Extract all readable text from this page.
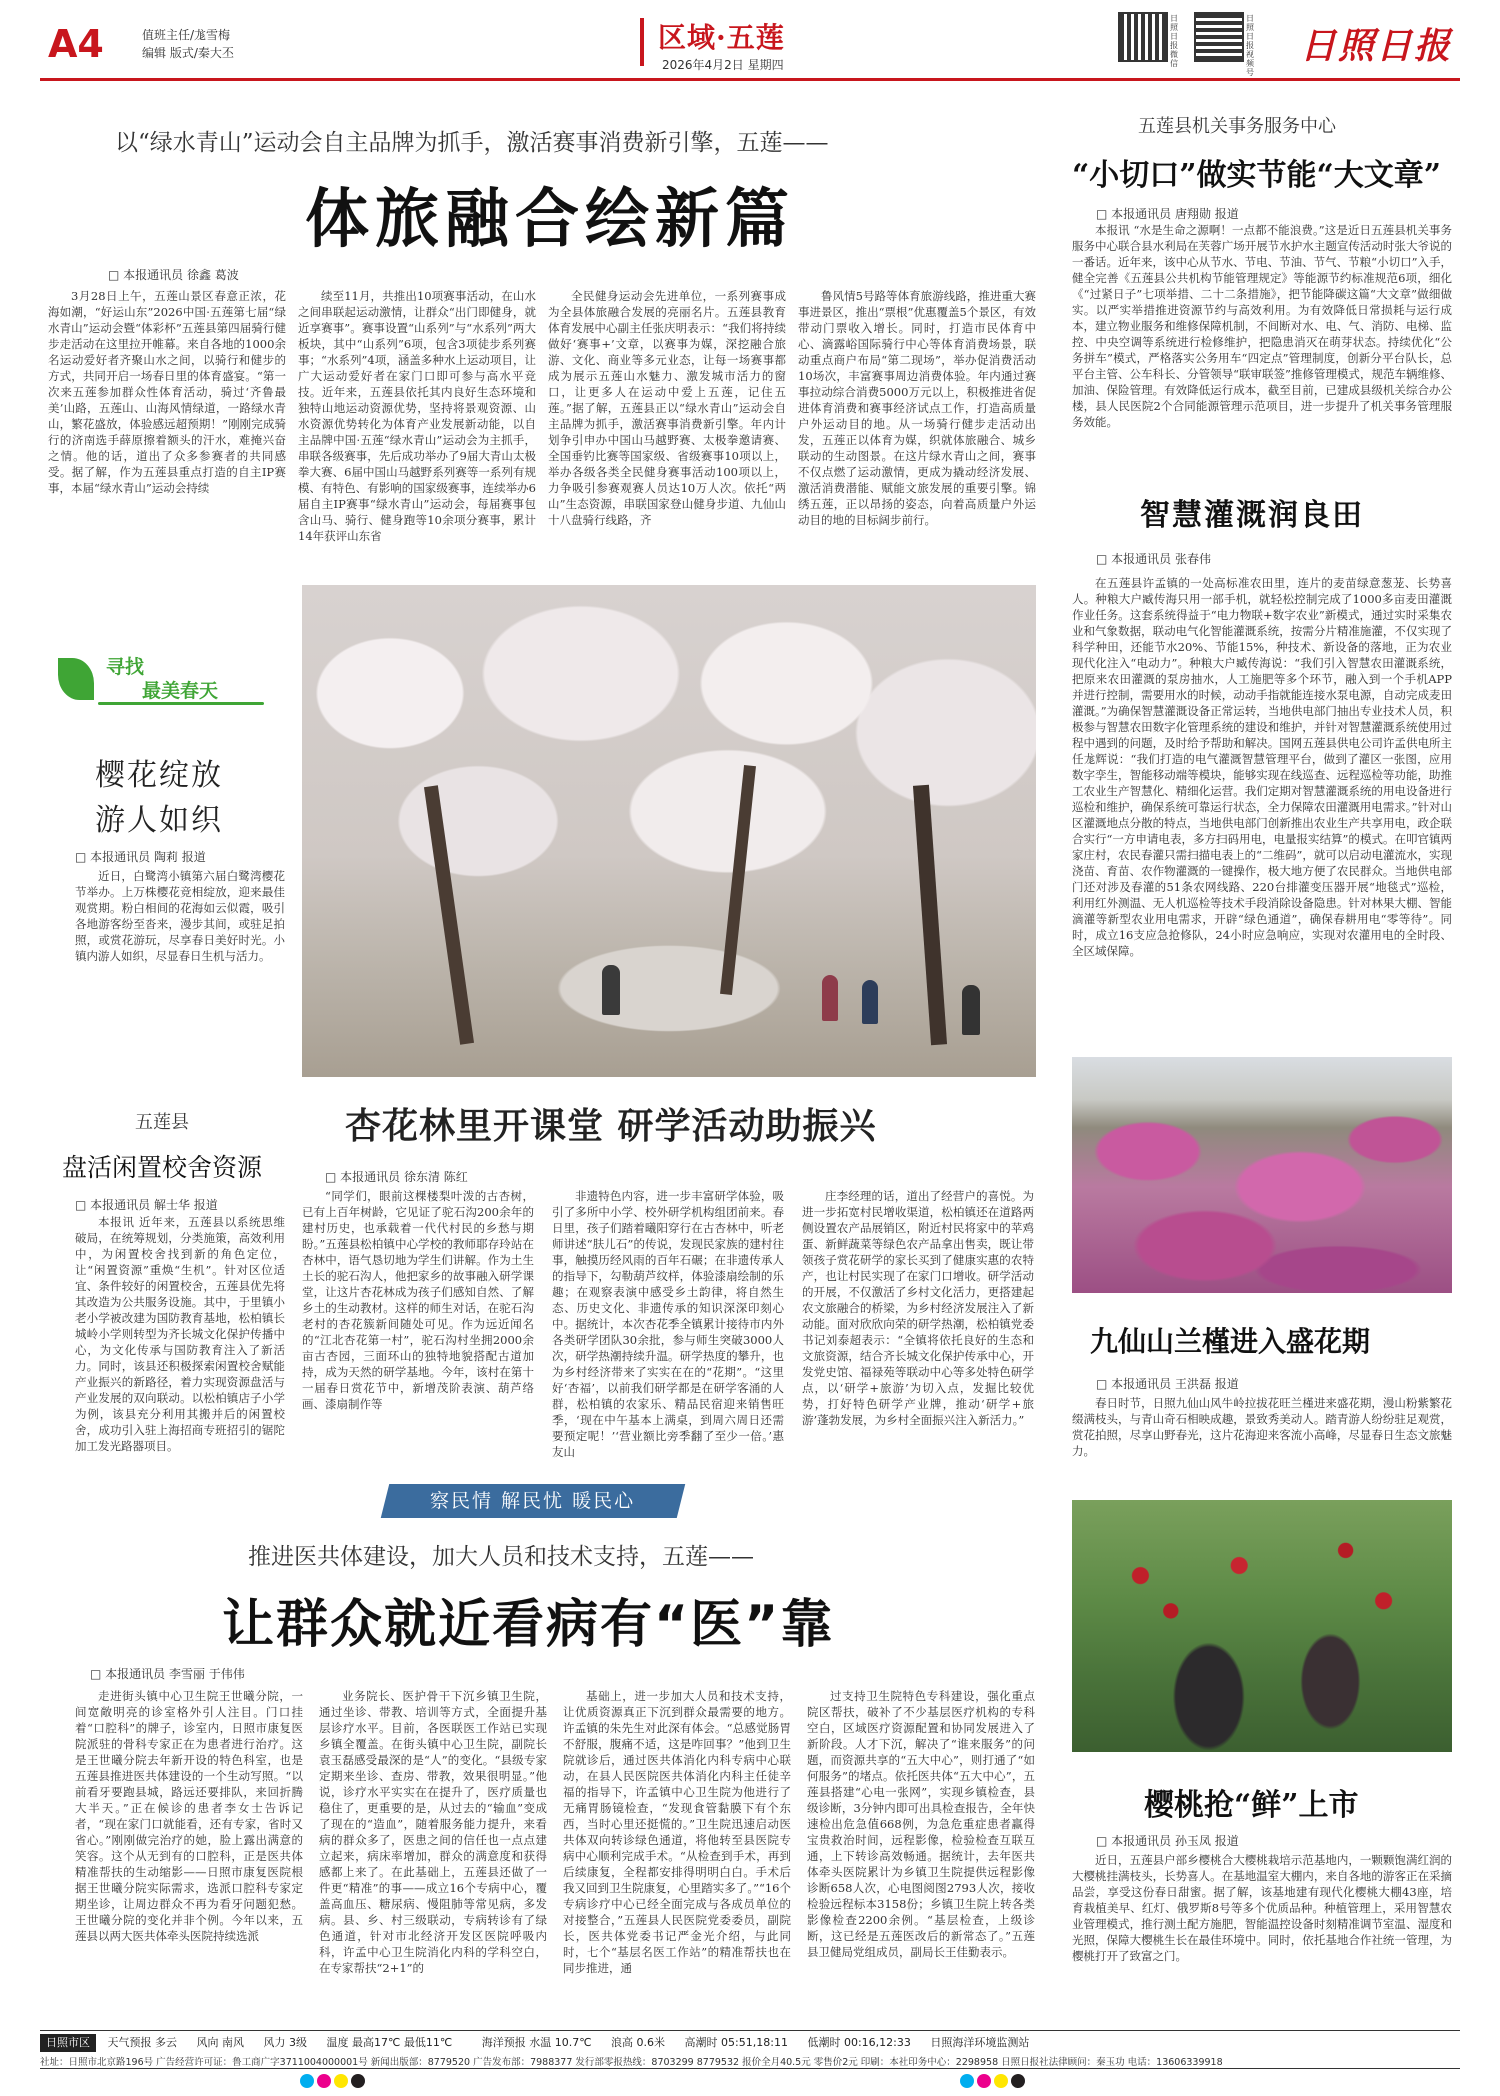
A4	值班主任/尨雪梅
编辑 版式/秦大丕	区域·五莲
2026年4月2日 星期四
日照日报微信
日照日报视频号
日照日报
以“绿水青山”运动会自主品牌为抓手，激活赛事消费新引擎，五莲——
体旅融合绘新篇
□ 本报通讯员 徐鑫 葛波
3月28日上午，五莲山景区春意正浓，花海如潮，“好运山东”2026中国·五莲第七届“绿水青山”运动会暨“体彩杯”五莲县第四届骑行健步走活动在这里拉开帷幕。来自各地的1000余名运动爱好者齐聚山水之间，以骑行和健步的方式，共同开启一场春日里的体育盛宴。“第一次来五莲参加群众性体育活动，骑过‘齐鲁最美’山路，五莲山、山海风情绿道，一路绿水青山，繁花盛放，体验感远超预期！”刚刚完成骑行的济南选手薛原擦着额头的汗水，难掩兴奋之情。他的话，道出了众多参赛者的共同感受。据了解，作为五莲县重点打造的自主IP赛事，本届“绿水青山”运动会持续
续至11月，共推出10项赛事活动，在山水之间串联起运动激情，让群众“出门即健身，就近享赛事”。赛事设置“山系列”与“水系列”两大板块，其中“山系列”6项，包含3项徒步系列赛事；“水系列”4项，涵盖多种水上运动项目，让广大运动爱好者在家门口即可参与高水平竞技。近年来，五莲县依托其内良好生态环境和独特山地运动资源优势，坚持将景观资源、山水资源优势转化为体育产业发展新动能，以自主品牌中国·五莲“绿水青山”运动会为主抓手，串联各级赛事，先后成功举办了9届大青山太极拳大赛、6届中国山马越野系列赛等一系列有规模、有特色、有影响的国家级赛事，连续举办6届自主IP赛事“绿水青山”运动会，每届赛事包含山马、骑行、健身跑等10余项分赛事，累计14年获评山东省
全民健身运动会先进单位，一系列赛事成为全县体旅融合发展的亮丽名片。五莲县教育体育发展中心副主任张庆明表示：“我们将持续做好‘赛事+’文章，以赛事为媒，深挖融合旅游、文化、商业等多元业态，让每一场赛事都成为展示五莲山水魅力、激发城市活力的窗口，让更多人在运动中爱上五莲，记住五莲。”据了解，五莲县正以“绿水青山”运动会自主品牌为抓手，激活赛事消费新引擎。年内计划争引申办中国山马越野赛、太极拳邀请赛、全国垂钓比赛等国家级、省级赛事10项以上，举办各级各类全民健身赛事活动100项以上，力争吸引参赛观赛人员达10万人次。依托“两山”生态资源，串联国家登山健身步道、九仙山十八盘骑行线路，齐
鲁风情5号路等体育旅游线路，推进重大赛事进景区，推出“票根”优惠覆盖5个景区，有效带动门票收入增长。同时，打造市民体育中心、滴露峪国际骑行中心等体育消费场景，联动重点商户布局“第二现场”，举办促消费活动10场次，丰富赛事周边消费体验。年内通过赛事拉动综合消费5000万元以上，积极推进省促进体育消费和赛事经济试点工作，打造高质量户外运动目的地。从一场骑行健步走活动出发，五莲正以体育为媒，织就体旅融合、城乡联动的生动图景。在这片绿水青山之间，赛事不仅点燃了运动激情，更成为撬动经济发展、激活消费潜能、赋能文旅发展的重要引擎。锦绣五莲，正以昂扬的姿态，向着高质量户外运动目的地的目标阔步前行。
寻找
最美春天
樱花绽放
游人如织
□ 本报通讯员 陶莉 报道
近日，白鹭湾小镇第六届白鹭湾樱花节举办。上万株樱花竞相绽放，迎来最佳观赏期。粉白相间的花海如云似霞，吸引各地游客纷至沓来，漫步其间，或驻足拍照，或赏花游玩，尽享春日美好时光。小镇内游人如织，尽显春日生机与活力。
五莲县机关事务服务中心
“小切口”做实节能“大文章”
□ 本报通讯员 唐翔勋 报道
本报讯 “水是生命之源啊！一点都不能浪费。”这是近日五莲县机关事务服务中心联合县水利局在芙蓉广场开展节水护水主题宣传活动时张大爷说的一番话。近年来，该中心从节水、节电、节油、节气、节粮“小切口”入手，健全完善《五莲县公共机构节能管理规定》等能源节约标准规范6项，细化《“过紧日子”七项举措、二十二条措施》，把节能降碳这篇“大文章”做细做实。以严实举措推进资源节约与高效利用。为有效降低日常损耗与运行成本，建立物业服务和维修保障机制，不间断对水、电、气、消防、电梯、监控、中央空调等系统进行检修维护，把隐患消灭在萌芽状态。持续优化“公务拼车”模式，严格落实公务用车“四定点”管理制度，创新分平台队长，总平台主管、公车科长、分管领导“联审联签”推修管理模式，规范车辆维修、加油、保险管理。有效降低运行成本，截至目前，已建成县级机关综合办公楼，县人民医院2个合同能源管理示范项目，进一步提升了机关事务管理服务效能。
智慧灌溉润良田
□ 本报通讯员 张春伟
在五莲县许孟镇的一处高标准农田里，连片的麦苗绿意葱茏、长势喜人。种粮大户臧传海只用一部手机，就轻松控制完成了1000多亩麦田灌溉作业任务。这套系统得益于“电力物联+数字农业”新模式，通过实时采集农业和气象数据，联动电气化智能灌溉系统，按需分片精准施灌，不仅实现了科学种田，还能节水20%、节能15%，种技术、新设备的落地，正为农业现代化注入“电动力”。种粮大户臧传海说：“我们引入智慧农田灌溉系统，把原来农田灌溉的泵房抽水，人工施肥等多个环节，融入到一个手机APP并进行控制，需要用水的时候，动动手指就能连接水泵电源，自动完成麦田灌溉。”为确保智慧灌溉设备正常运转，当地供电部门抽出专业技术人员，积极参与智慧农田数字化管理系统的建设和维护，并针对智慧灌溉系统使用过程中遇到的问题，及时给予帮助和解决。国网五莲县供电公司许孟供电所主任尨辉说：“我们打造的电气灌溉智慧管理平台，做到了灌区一张图，应用数字孪生，智能移动端等模块，能够实现在线巡查、远程巡检等功能，助推工农业生产智慧化、精细化运营。我们定期对智慧灌溉系统的用电设备进行巡检和维护，确保系统可靠运行状态，全力保障农田灌溉用电需求。”针对山区灌溉地点分散的特点，当地供电部门创新推出农业生产共享用电，政企联合实行“一方申请电表，多方扫码用电，电量报实结算”的模式。在叩官镇两家庄村，农民春灌只需扫描电表上的“二维码”，就可以启动电灌流水，实现浇苗、育苗、农作物灌溉的一键操作，极大地方便了农民群众。当地供电部门还对涉及春灌的51条农网线路、220台排灌变压器开展“地毯式”巡检，利用红外测温、无人机巡检等技术手段消除设备隐患。针对林果大棚、智能滴灌等新型农业用电需求，开辟“绿色通道”，确保春耕用电“零等待”。同时，成立16支应急抢修队，24小时应急响应，实现对农灌用电的全时段、全区域保障。
五莲县
盘活闲置校舍资源
□ 本报通讯员 解士华 报道
本报讯 近年来，五莲县以系统思维破局，在统筹规划，分类施策，高效利用中，为闲置校舍找到新的角色定位，让“闲置资源”重焕“生机”。针对区位适宜、条件较好的闲置校舍，五莲县优先将其改造为公共服务设施。其中，于里镇小老小学被改建为国防教育基地，松柏镇长城岭小学则转型为齐长城文化保护传播中心，为文化传承与国防教育注入了新活力。同时，该县还积极探索闲置校舍赋能产业振兴的新路径，着力实现资源盘活与产业发展的双向联动。以松柏镇店子小学为例，该县充分利用其搬并后的闲置校舍，成功引入驻上海招商专班招引的锯陀加工发光路器项目。
杏花林里开课堂 研学活动助振兴
□ 本报通讯员 徐东清 陈红
“同学们，眼前这棵楼梨叶泼的古杏树，已有上百年树龄，它见证了驼石沟200余年的建村历史，也承载着一代代村民的乡愁与期盼。”五莲县松柏镇中心学校的教师耶存玲站在杏林中，语气恳切地为学生们讲解。作为土生土长的驼石沟人，他把家乡的故事融入研学课堂，让这片杏花林成为孩子们感知自然、了解乡土的生动教材。这样的师生对话，在驼石沟老村的杏花簇新间随处可见。作为远近闻名的“江北杏花第一村”，驼石沟村坐拥2000余亩古杏园，三面环山的独特地貌搭配古道加持，成为天然的研学基地。今年，该村在第十一届春日赏花节中，新增茂阶表演、葫芦络画、漆扇制作等
非遗特色内容，进一步丰富研学体验，吸引了多所中小学、校外研学机构组团前来。春日里，孩子们踏着曦阳穿行在古杏林中，听老师讲述“肤儿石”的传说，发现民家族的建村往事，触摸历经风雨的百年石碾；在非遗传承人的指导下，勾勒葫芦纹样，体验漆扇绘制的乐趣；在观察表演中感受乡土韵律，将自然生态、历史文化、非遗传承的知识深深印刻心中。据统计，本次杏花季全镇累计接待市内外各类研学团队30余批，参与师生突破3000人次，研学热潮持续升温。研学热度的攀升，也为乡村经济带来了实实在在的“花期”。“这里好‘杏福’，以前我们研学都是在研学客涌的人群，松柏镇的农家乐、精品民宿迎来销售旺季，‘现在中午基本上满桌，到周六周日还需要预定呢！’‘营业额比旁季翻了至少一倍。’惠友山
庄李经理的话，道出了经营户的喜悦。为进一步拓宽村民增收渠道，松柏镇还在道路两侧设置农产品展销区，附近村民将家中的苹鸡蛋、新鲜蔬菜等绿色农产品拿出售卖，既让带领孩子赏花研学的家长买到了健康实惠的农特产，也让村民实现了在家门口增收。研学活动的开展，不仅激活了乡村文化活力，更搭建起农文旅融合的桥梁，为乡村经济发展注入了新动能。面对欣欣向荣的研学热潮，松柏镇党委书记刘泰超表示：“全镇将依托良好的生态和文旅资源，结合齐长城文化保护传承中心，开发党史馆、福禄苑等联动中心等多处特色研学点，以‘研学+旅游’为切入点，发掘比较优势，打好特色研学产业牌，推动‘研学+旅游’蓬勃发展，为乡村全面振兴注入新活力。”
九仙山兰槿进入盛花期
□ 本报通讯员 王洪磊 报道
春日时节，日照九仙山风牛岭拉拔花旺兰槿进来盛花期，漫山粉紫繁花缀满枝头，与青山奇石相映成趣，景致秀美动人。踏青游人纷纷驻足观赏，赏花拍照，尽享山野春光，这片花海迎来客流小高峰，尽显春日生态文旅魅力。
察民情 解民忧 暖民心
推进医共体建设，加大人员和技术支持，五莲——
让群众就近看病有“医”靠
□ 本报通讯员 李雪丽 于伟伟
走进街头镇中心卫生院王世曦分院，一间宽敞明亮的诊室格外引人注目。门口挂着“口腔科”的牌子，诊室内，日照市康复医院派驻的骨科专家正在为患者进行治疗。这是王世曦分院去年新开设的特色科室，也是五莲县推进医共体建设的一个生动写照。“以前看牙要跑县城，路远还要排队，来回折腾大半天。”正在候诊的患者李女士告诉记者，“现在家门口就能看，还有专家，省时又省心。”刚刚做完治疗的她，脸上露出满意的笑容。这个从无到有的口腔科，正是医共体精准帮扶的生动缩影——日照市康复医院根据王世曦分院实际需求，选派口腔科专家定期坐诊，让周边群众不再为看牙问题犯愁。王世曦分院的变化并非个例。今年以来，五莲县以两大医共体牵头医院持续选派
业务院长、医护骨干下沉乡镇卫生院，通过坐诊、带教、培训等方式，全面提升基层诊疗水平。目前，各医联医工作站已实现乡镇全覆盖。在街头镇中心卫生院，副院长袁玉磊感受最深的是“人”的变化。“县级专家定期来坐诊、查房、带教，效果很明显。”他说，诊疗水平实实在在提升了，医疗质量也稳住了，更重要的是，从过去的“输血”变成了现在的“造血”，随着服务能力提升，来看病的群众多了，医患之间的信任也一点点建立起来，病床率增加，群众的满意度和获得感都上来了。在此基础上，五莲县还做了一件更“精准”的事——成立16个专病中心，覆盖高血压、糖尿病、慢阻肺等常见病，多发病。县、乡、村三级联动，专病转诊有了绿色通道，针对市北经济开发区医院呼吸内科，许孟中心卫生院消化内科的学科空白，在专家帮扶“2+1”的
基础上，进一步加大人员和技术支持，让优质资源真正下沉到群众最需要的地方。许孟镇的朱先生对此深有体会。“总感觉肠胃不舒服，腹痛不适，这是咋回事？”他到卫生院就诊后，通过医共体消化内科专病中心联动，在县人民医院医共体消化内科主任徒辛福的指导下，许孟镇中心卫生院为他进行了无痛胃肠镜检查，“发现食管黏膜下有个东西，当时心里还挺慌的。”卫生院迅速启动医共体双向转诊绿色通道，将他转至县医院专病中心顺利完成手术。“从检查到手术，再到后续康复，全程都安排得明明白白。手术后我又回到卫生院康复，心里踏实多了。”“16个专病诊疗中心已经全面完成与各成员单位的对接整合，”五莲县人民医院党委委员，副院长，医共体党委书记严金光介绍，与此同时，七个“基层名医工作站”的精准帮扶也在同步推进，通
过支持卫生院特色专科建设，强化重点院区帮扶，破补了不少基层医疗机构的专科空白，区域医疗资源配置和协同发展进入了新阶段。人才下沉，解决了“谁来服务”的问题，而资源共享的“五大中心”，则打通了“如何服务”的堵点。依托医共体“五大中心”，五莲县搭建“心电一张网”，实现乡镇检查，县级诊断，3分钟内即可出具检查报告，全年快速检出危急值668例，为急危重症患者赢得宝贵救治时间，远程影像，检验检查互联互通，上下转诊高效畅通。据统计，去年医共体牵头医院累计为乡镇卫生院提供远程影像诊断658人次，心电图阅图2793人次，接收检验远程标本3158份；乡镇卫生院上转各类影像检查2200余例。“基层检查，上级诊断，这已经是五莲医改后的新常态了。”五莲县卫健局党组成员，副局长王佳勤表示。
樱桃抢“鲜”上市
□ 本报通讯员 孙玉凤 报道
近日，五莲县户部乡樱桃合大樱桃栽培示范基地内，一颗颗饱满红润的大樱桃挂满枝头，长势喜人。在基地温室大棚内，来自各地的游客正在采摘品尝，享受这份春日甜蜜。据了解，该基地建有现代化樱桃大棚43座，培育栽植美早、红灯、俄罗斯8号等多个优质品种。种植管理上，采用智慧农业管理模式，推行测土配方施肥，智能温控设备时刻精准调节室温、湿度和光照，保障大樱桃生长在最佳环境中。同时，依托基地合作社统一管理，为樱桃打开了致富之门。
日照市区 天气预报 多云 风向 南风 风力 3级 温度 最高17℃ 最低11℃	海洋预报 水温 10.7℃ 浪高 0.6米 高潮时 05:51,18:11 低潮时 00:16,12:33 日照海洋环境监测站
社址：日照市北京路196号 广告经营许可证：鲁工商广字3711004000001号 新闻出版部：8779520 广告发布部：7988377 发行部零报热线：8703299 8779532 报价全月40.5元 零售价2元 印刷：本社印务中心：2298958 日照日报社法律顾问：秦玉功 电话：13606339918
